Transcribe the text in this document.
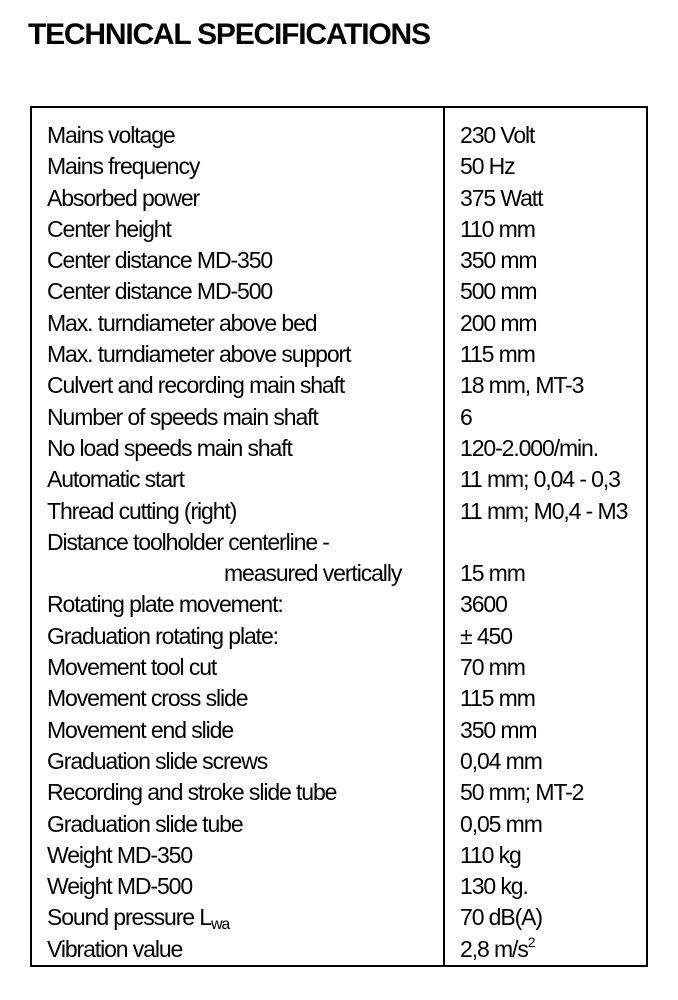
TECHNICAL SPECIFICATIONS
Mains voltage	230 Volt
Mains frequency	50 Hz
Absorbed power	375 Watt
Center height	110 mm
Center distance MD-350	350 mm
Center distance MD-500	500 mm
Max. turndiameter above bed	200 mm
Max. turndiameter above support	115 mm
Culvert and recording main shaft	18 mm, MT-3
Number of speeds main shaft	6
No load speeds main shaft	120-2.000/min.
Automatic start	11 mm; 0,04 - 0,3
Thread cutting (right)	11 mm; M0,4 - M3
Distance toolholder centerline -
measured vertically	15 mm
Rotating plate movement:	3600
Graduation rotating plate:	± 450
Movement tool cut	70 mm
Movement cross slide	115 mm
Movement end slide	350 mm
Graduation slide screws	0,04 mm
Recording and stroke slide tube	50 mm; MT-2
Graduation slide tube	0,05 mm
Weight MD-350	110 kg
Weight MD-500	130 kg.
Sound pressure Lwa	70 dB(A)
Vibration value	2,8 $m/s^2$
